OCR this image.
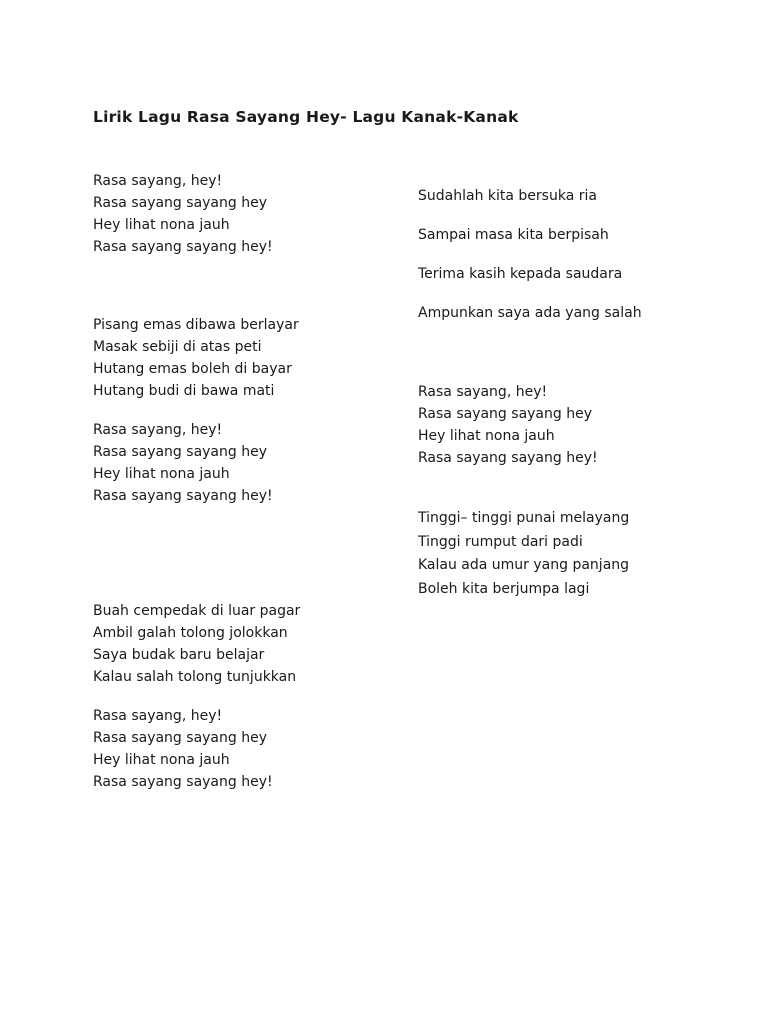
Lirik Lagu Rasa Sayang Hey- Lagu Kanak-Kanak
Rasa sayang, hey!
Rasa sayang sayang hey
Hey lihat nona jauh
Rasa sayang sayang hey!
Pisang emas dibawa berlayar
Masak sebiji di atas peti
Hutang emas boleh di bayar
Hutang budi di bawa mati
Rasa sayang, hey!
Rasa sayang sayang hey
Hey lihat nona jauh
Rasa sayang sayang hey!
Buah cempedak di luar pagar
Ambil galah tolong jolokkan
Saya budak baru belajar
Kalau salah tolong tunjukkan
Rasa sayang, hey!
Rasa sayang sayang hey
Hey lihat nona jauh
Rasa sayang sayang hey!
Sudahlah kita bersuka ria
Sampai masa kita berpisah
Terima kasih kepada saudara
Ampunkan saya ada yang salah
Rasa sayang, hey!
Rasa sayang sayang hey
Hey lihat nona jauh
Rasa sayang sayang hey!
Tinggi– tinggi punai melayang
Tinggi rumput dari padi
Kalau ada umur yang panjang
Boleh kita berjumpa lagi
